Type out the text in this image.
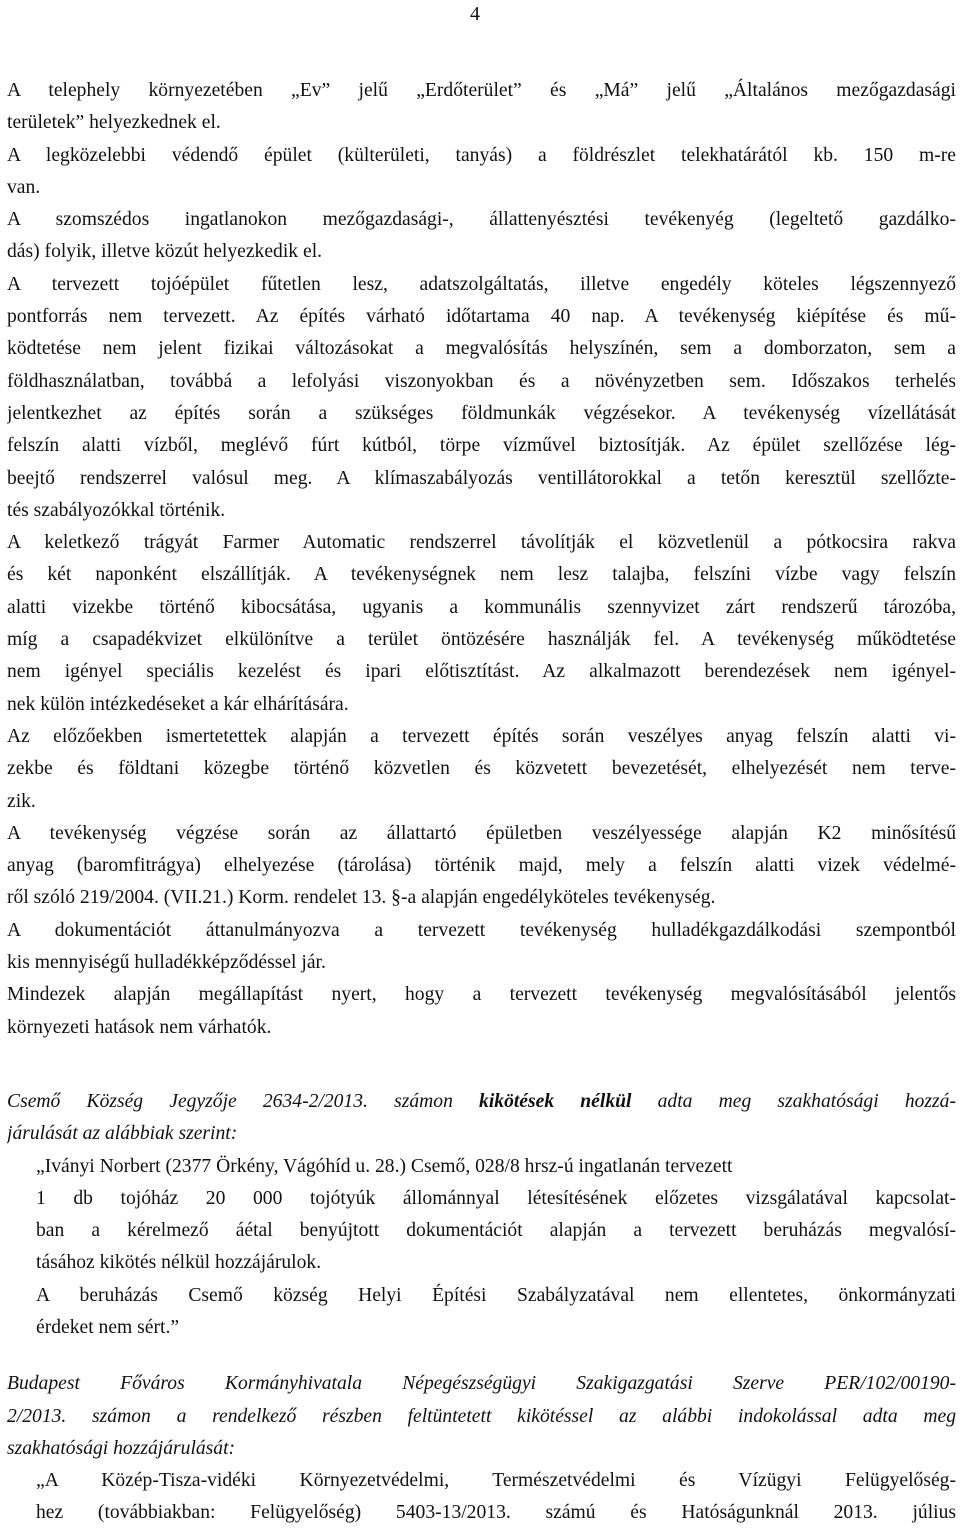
4
A telephely környezetében „Ev” jelű „Erdőterület” és „Má” jelű „Általános mezőgazdasági
területek” helyezkednek el.
A legközelebbi védendő épület (külterületi, tanyás) a földrészlet telekhatárától kb. 150 m-re
van.
A szomszédos ingatlanokon mezőgazdasági-, állattenyésztési tevékenyég (legeltető gazdálko-
dás) folyik, illetve közút helyezkedik el.
A tervezett tojóépület fűtetlen lesz, adatszolgáltatás, illetve engedély köteles légszennyező
pontforrás nem tervezett. Az építés várható időtartama 40 nap. A tevékenység kiépítése és mű-
ködtetése nem jelent fizikai változásokat a megvalósítás helyszínén, sem a domborzaton, sem a
földhasználatban, továbbá a lefolyási viszonyokban és a növényzetben sem. Időszakos terhelés
jelentkezhet az építés során a szükséges földmunkák végzésekor. A tevékenység vízellátását
felszín alatti vízből, meglévő fúrt kútból, törpe vízművel biztosítják. Az épület szellőzése lég-
beejtő rendszerrel valósul meg. A klímaszabályozás ventillátorokkal a tetőn keresztül szellőzte-
tés szabályozókkal történik.
A keletkező trágyát Farmer Automatic rendszerrel távolítják el közvetlenül a pótkocsira rakva
és két naponként elszállítják. A tevékenységnek nem lesz talajba, felszíni vízbe vagy felszín
alatti vizekbe történő kibocsátása, ugyanis a kommunális szennyvizet zárt rendszerű tározóba,
míg a csapadékvizet elkülönítve a terület öntözésére használják fel. A tevékenység működtetése
nem igényel speciális kezelést és ipari előtisztítást. Az alkalmazott berendezések nem igényel-
nek külön intézkedéseket a kár elhárítására.
Az előzőekben ismertetettek alapján a tervezett építés során veszélyes anyag felszín alatti vi-
zekbe és földtani közegbe történő közvetlen és közvetett bevezetését, elhelyezését nem terve-
zik.
A tevékenység végzése során az állattartó épületben veszélyessége alapján K2 minősítésű
anyag (baromfitrágya) elhelyezése (tárolása) történik majd, mely a felszín alatti vizek védelmé-
ről szóló 219/2004. (VII.21.) Korm. rendelet 13. §-a alapján engedélyköteles tevékenység.
A dokumentációt áttanulmányozva a tervezett tevékenység hulladékgazdálkodási szempontból
kis mennyiségű hulladékképződéssel jár.
Mindezek alapján megállapítást nyert, hogy a tervezett tevékenység megvalósításából jelentős
környezeti hatások nem várhatók.
Csemő Község Jegyzője 2634-2/2013. számon kikötések nélkül adta meg szakhatósági hozzá-
járulását az alábbiak szerint:
„Iványi Norbert (2377 Örkény, Vágóhíd u. 28.) Csemő, 028/8 hrsz-ú ingatlanán tervezett
1 db tojóház 20 000 tojótyúk állománnyal létesítésének előzetes vizsgálatával kapcsolat-
ban a kérelmező áétal benyújtott dokumentációt alapján a tervezett beruházás megvalósí-
tásához kikötés nélkül hozzájárulok.
A beruházás Csemő község Helyi Építési Szabályzatával nem ellentetes, önkormányzati
érdeket nem sért.”
Budapest Főváros Kormányhivatala Népegészségügyi Szakigazgatási Szerve PER/102/00190-
2/2013. számon a rendelkező részben feltüntetett kikötéssel az alábbi indokolással adta meg
szakhatósági hozzájárulását:
„A Közép-Tisza-vidéki Környezetvédelmi, Természetvédelmi és Vízügyi Felügyelőség-
hez (továbbiakban: Felügyelőség) 5403-13/2013. számú és Hatóságunknál 2013. július
